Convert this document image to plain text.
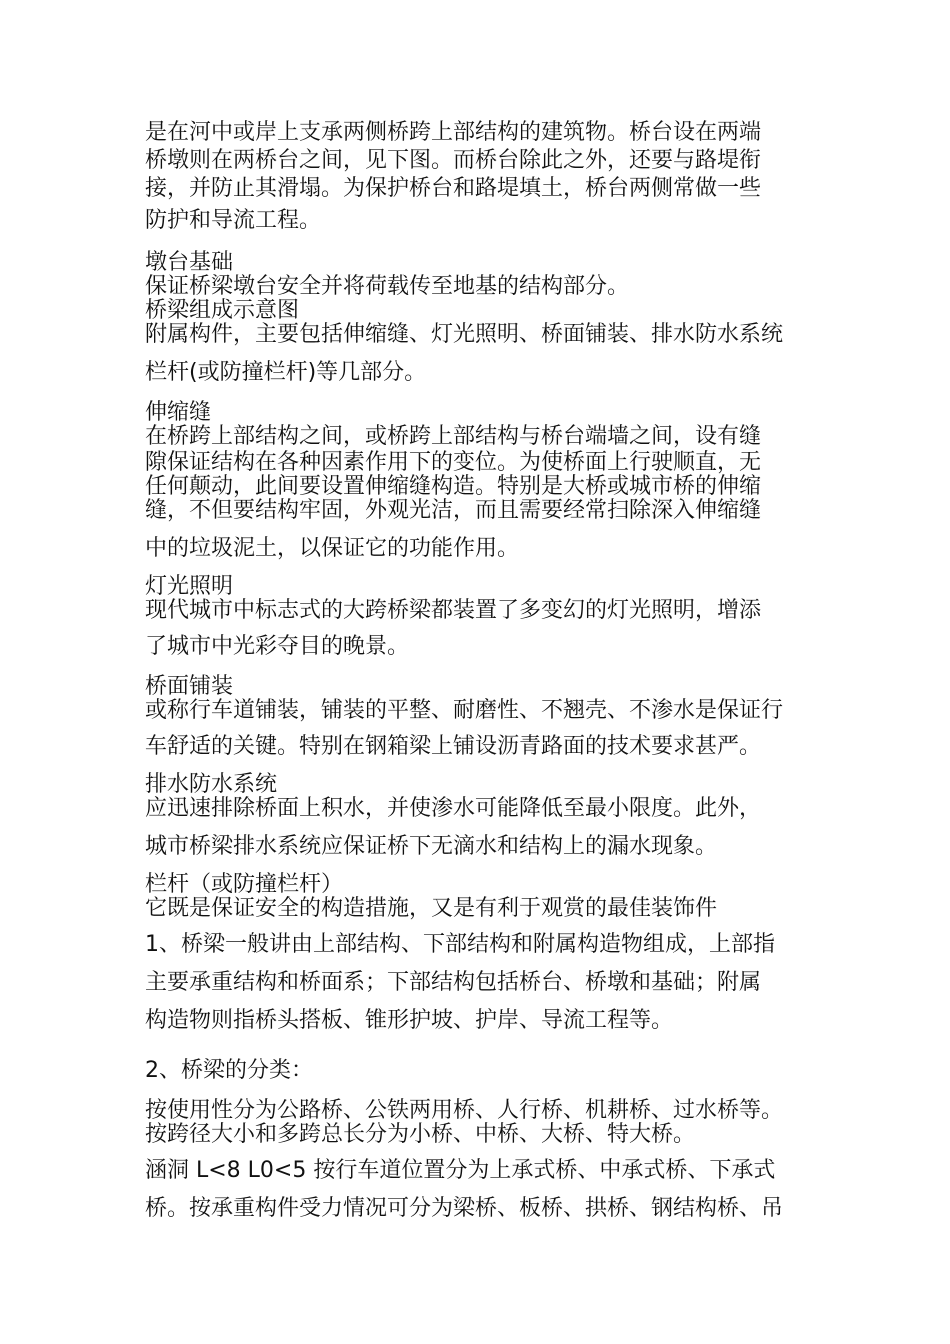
是在河中或岸上支承两侧桥跨上部结构的建筑物。桥台设在两端
桥墩则在两桥台之间，见下图。而桥台除此之外，还要与路堤衔
接，并防止其滑塌。为保护桥台和路堤填土，桥台两侧常做一些
防护和导流工程。
墩台基础
保证桥梁墩台安全并将荷载传至地基的结构部分。
桥梁组成示意图
附属构件，主要包括伸缩缝、灯光照明、桥面铺装、排水防水系统
栏杆(或防撞栏杆)等几部分。
伸缩缝
在桥跨上部结构之间，或桥跨上部结构与桥台端墙之间，设有缝
隙保证结构在各种因素作用下的变位。为使桥面上行驶顺直，无
任何颠动，此间要设置伸缩缝构造。特别是大桥或城市桥的伸缩
缝，不但要结构牢固，外观光洁，而且需要经常扫除深入伸缩缝
中的垃圾泥土，以保证它的功能作用。
灯光照明
现代城市中标志式的大跨桥梁都装置了多变幻的灯光照明，增添
了城市中光彩夺目的晚景。
桥面铺装
或称行车道铺装，铺装的平整、耐磨性、不翘壳、不渗水是保证行
车舒适的关键。特别在钢箱梁上铺设沥青路面的技术要求甚严。
排水防水系统
应迅速排除桥面上积水，并使渗水可能降低至最小限度。此外，
城市桥梁排水系统应保证桥下无滴水和结构上的漏水现象。
栏杆（或防撞栏杆）
它既是保证安全的构造措施，又是有利于观赏的最佳装饰件
1、桥梁一般讲由上部结构、下部结构和附属构造物组成，上部指
主要承重结构和桥面系；下部结构包括桥台、桥墩和基础；附属
构造物则指桥头搭板、锥形护坡、护岸、导流工程等。
2、桥梁的分类：
按使用性分为公路桥、公铁两用桥、人行桥、机耕桥、过水桥等。
按跨径大小和多跨总长分为小桥、中桥、大桥、特大桥。
涵洞 L<8 L0<5 按行车道位置分为上承式桥、中承式桥、下承式
桥。按承重构件受力情况可分为梁桥、板桥、拱桥、钢结构桥、吊
